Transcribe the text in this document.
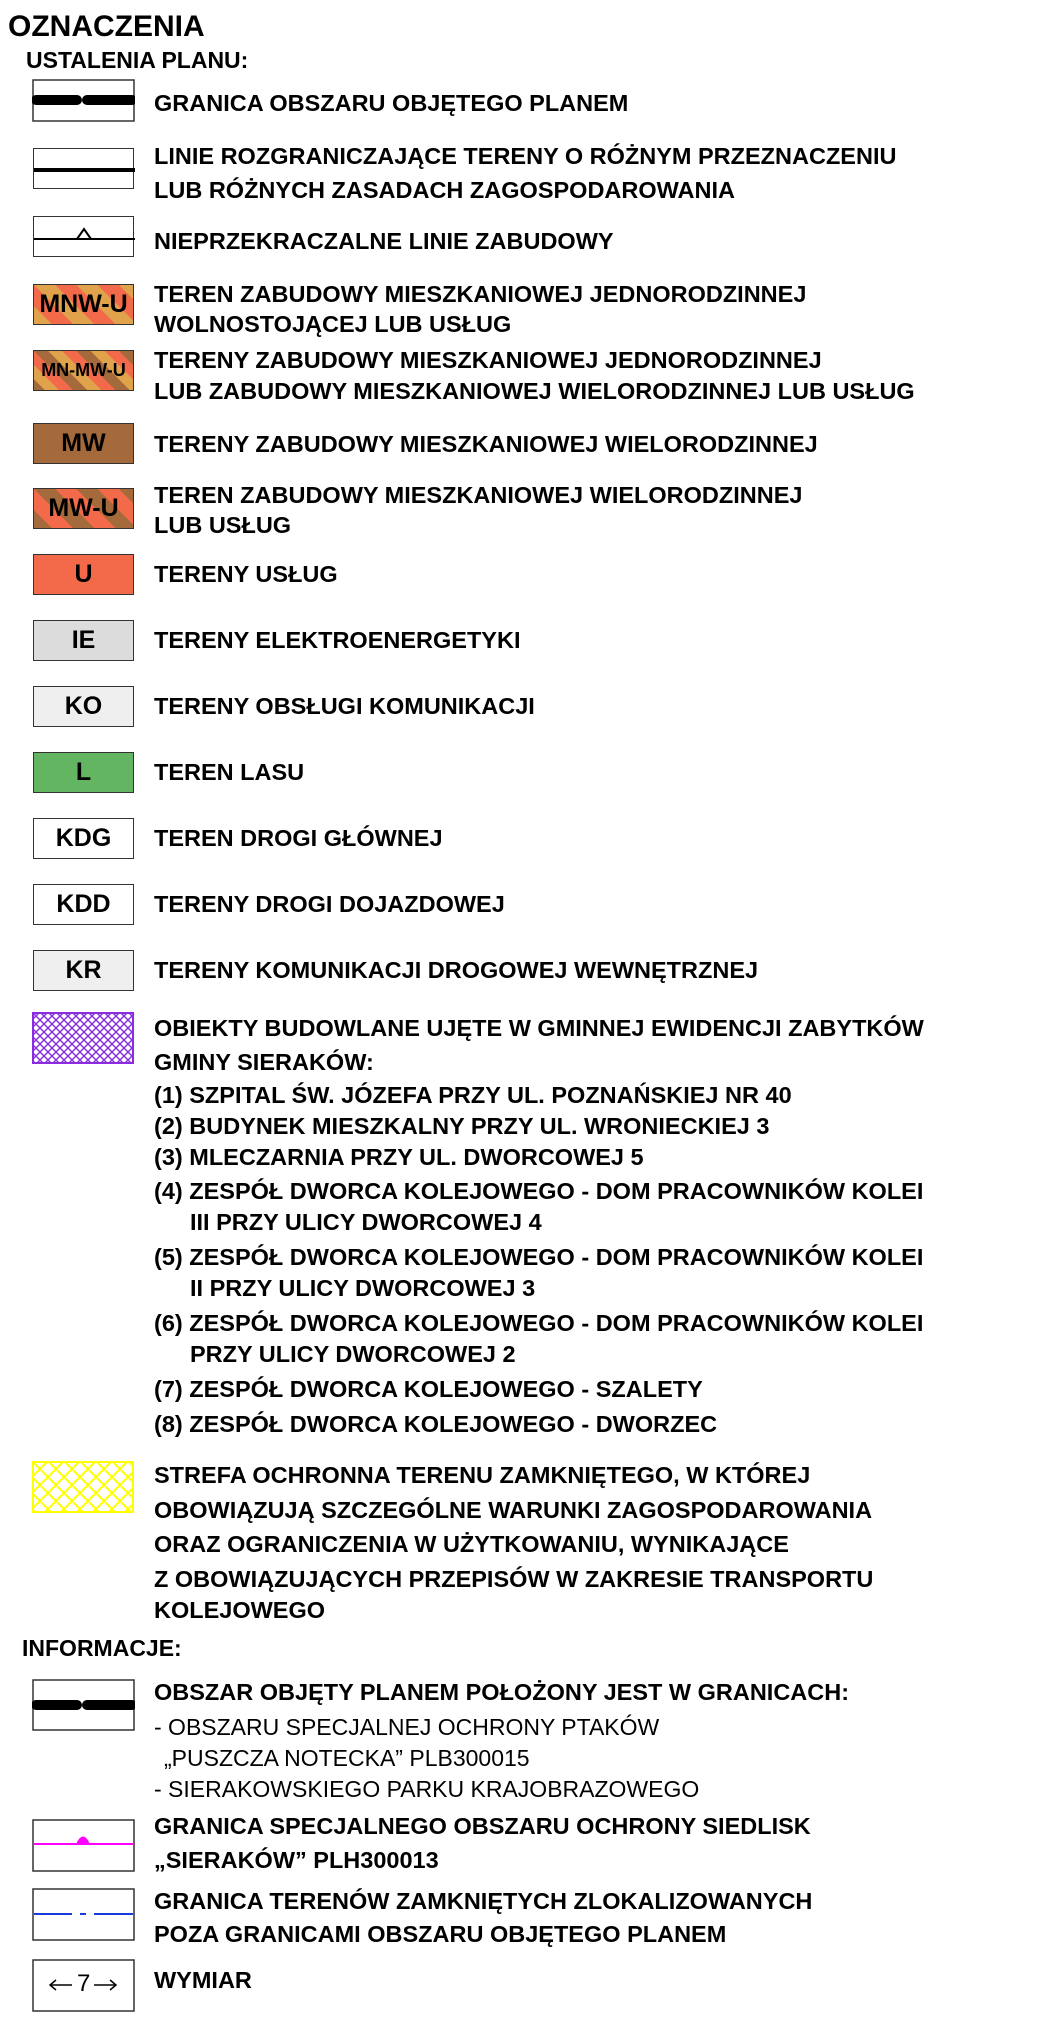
OZNACZENIA
USTALENIA PLANU:
GRANICA OBSZARU OBJĘTEGO PLANEM
LINIE ROZGRANICZAJĄCE TERENY O RÓŻNYM PRZEZNACZENIU
LUB RÓŻNYCH ZASADACH ZAGOSPODAROWANIA
NIEPRZEKRACZALNE LINIE ZABUDOWY
MNW-U TEREN ZABUDOWY MIESZKANIOWEJ JEDNORODZINNEJ
WOLNOSTOJĄCEJ LUB USŁUG
MN-MW-U TERENY ZABUDOWY MIESZKANIOWEJ JEDNORODZINNEJ
LUB ZABUDOWY MIESZKANIOWEJ WIELORODZINNEJ LUB USŁUG
MW TERENY ZABUDOWY MIESZKANIOWEJ WIELORODZINNEJ
MW-U TEREN ZABUDOWY MIESZKANIOWEJ WIELORODZINNEJ
LUB USŁUG
U	TERENY USŁUG
IE TERENY ELEKTROENERGETYKI
KO TERENY OBSŁUGI KOMUNIKACJI
L	TEREN LASU
KDG TEREN DROGI GŁÓWNEJ
KDD TERENY DROGI DOJAZDOWEJ
KR TERENY KOMUNIKACJI DROGOWEJ WEWNĘTRZNEJ
OBIEKTY BUDOWLANE UJĘTE W GMINNEJ EWIDENCJI ZABYTKÓW
GMINY SIERAKÓW:
(1) SZPITAL ŚW. JÓZEFA PRZY UL. POZNAŃSKIEJ NR 40
(2) BUDYNEK MIESZKALNY PRZY UL. WRONIECKIEJ 3
(3) MLECZARNIA PRZY UL. DWORCOWEJ 5
(4) ZESPÓŁ DWORCA KOLEJOWEGO - DOM PRACOWNIKÓW KOLEI
III PRZY ULICY DWORCOWEJ 4
(5) ZESPÓŁ DWORCA KOLEJOWEGO - DOM PRACOWNIKÓW KOLEI
II PRZY ULICY DWORCOWEJ 3
(6) ZESPÓŁ DWORCA KOLEJOWEGO - DOM PRACOWNIKÓW KOLEI
PRZY ULICY DWORCOWEJ 2
(7) ZESPÓŁ DWORCA KOLEJOWEGO - SZALETY
(8) ZESPÓŁ DWORCA KOLEJOWEGO - DWORZEC
STREFA OCHRONNA TERENU ZAMKNIĘTEGO, W KTÓREJ
OBOWIĄZUJĄ SZCZEGÓLNE WARUNKI ZAGOSPODAROWANIA
ORAZ OGRANICZENIA W UŻYTKOWANIU, WYNIKAJĄCE
Z OBOWIĄZUJĄCYCH PRZEPISÓW W ZAKRESIE TRANSPORTU
KOLEJOWEGO
INFORMACJE:
OBSZAR OBJĘTY PLANEM POŁOŻONY JEST W GRANICACH:
- OBSZARU SPECJALNEJ OCHRONY PTAKÓW
„PUSZCZA NOTECKA” PLB300015
- SIERAKOWSKIEGO PARKU KRAJOBRAZOWEGO
GRANICA SPECJALNEGO OBSZARU OCHRONY SIEDLISK
„SIERAKÓW” PLH300013
GRANICA TERENÓW ZAMKNIĘTYCH ZLOKALIZOWANYCH
POZA GRANICAMI OBSZARU OBJĘTEGO PLANEM
7	WYMIAR
